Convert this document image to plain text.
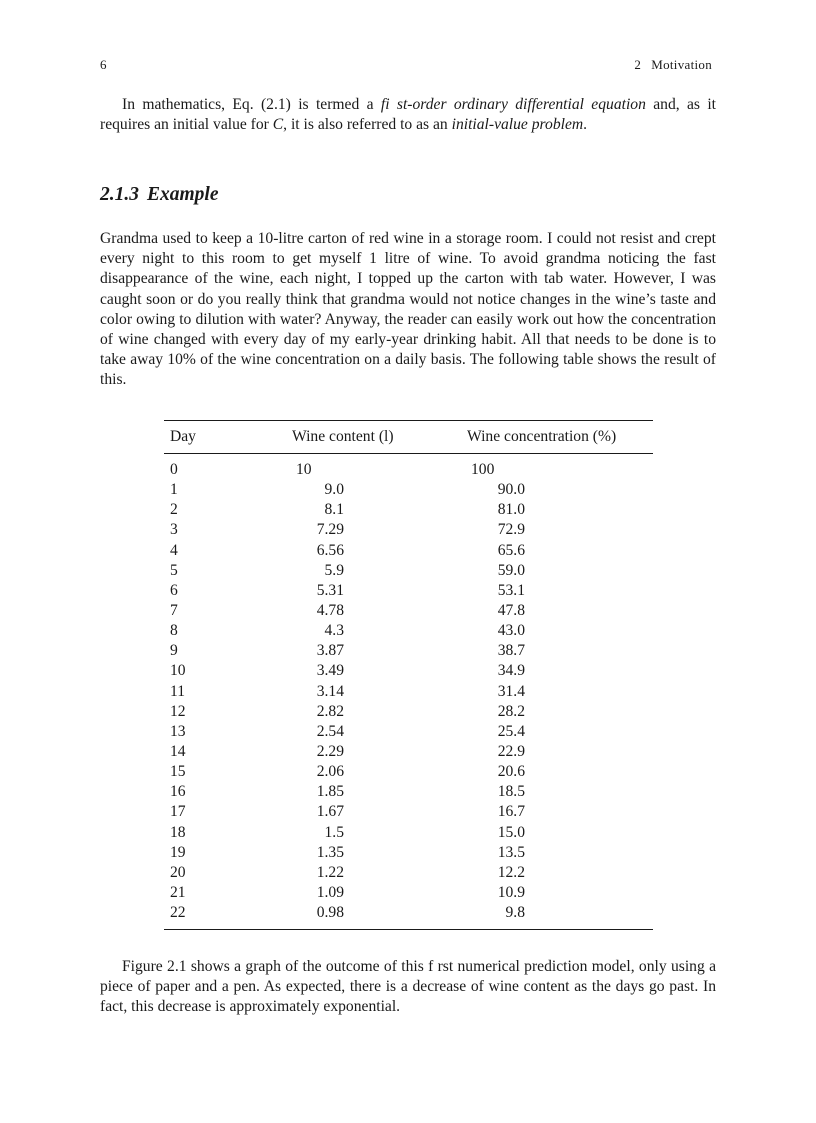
6	2 Motivation

In mathematics, Eq. (2.1) is termed a fi st-order ordinary differential equation and, as it requires an initial value for C, it is also referred to as an initial-value problem.

2.1.3 Example

Grandma used to keep a 10-litre carton of red wine in a storage room. I could not resist and crept every night to this room to get myself 1 litre of wine. To avoid grandma noticing the fast disappearance of the wine, each night, I topped up the carton with tab water. However, I was caught soon or do you really think that grandma would not notice changes in the wine’s taste and color owing to dilution with water? Anyway, the reader can easily work out how the concentration of wine changed with every day of my early-year drinking habit. All that needs to be done is to take away 10% of the wine concentration on a daily basis. The following table shows the result of this.

Day	Wine content (l)	Wine concentration (%)
0	10	100
1	9.0	90.0
2	8.1	81.0
3	7.29	72.9
4	6.56	65.6
5	5.9	59.0
6	5.31	53.1
7	4.78	47.8
8	4.3	43.0
9	3.87	38.7
10	3.49	34.9
11	3.14	31.4
12	2.82	28.2
13	2.54	25.4
14	2.29	22.9
15	2.06	20.6
16	1.85	18.5
17	1.67	16.7
18	1.5	15.0
19	1.35	13.5
20	1.22	12.2
21	1.09	10.9
22	0.98	9.8

Figure 2.1 shows a graph of the outcome of this f rst numerical prediction model, only using a piece of paper and a pen. As expected, there is a decrease of wine content as the days go past. In fact, this decrease is approximately exponential.
